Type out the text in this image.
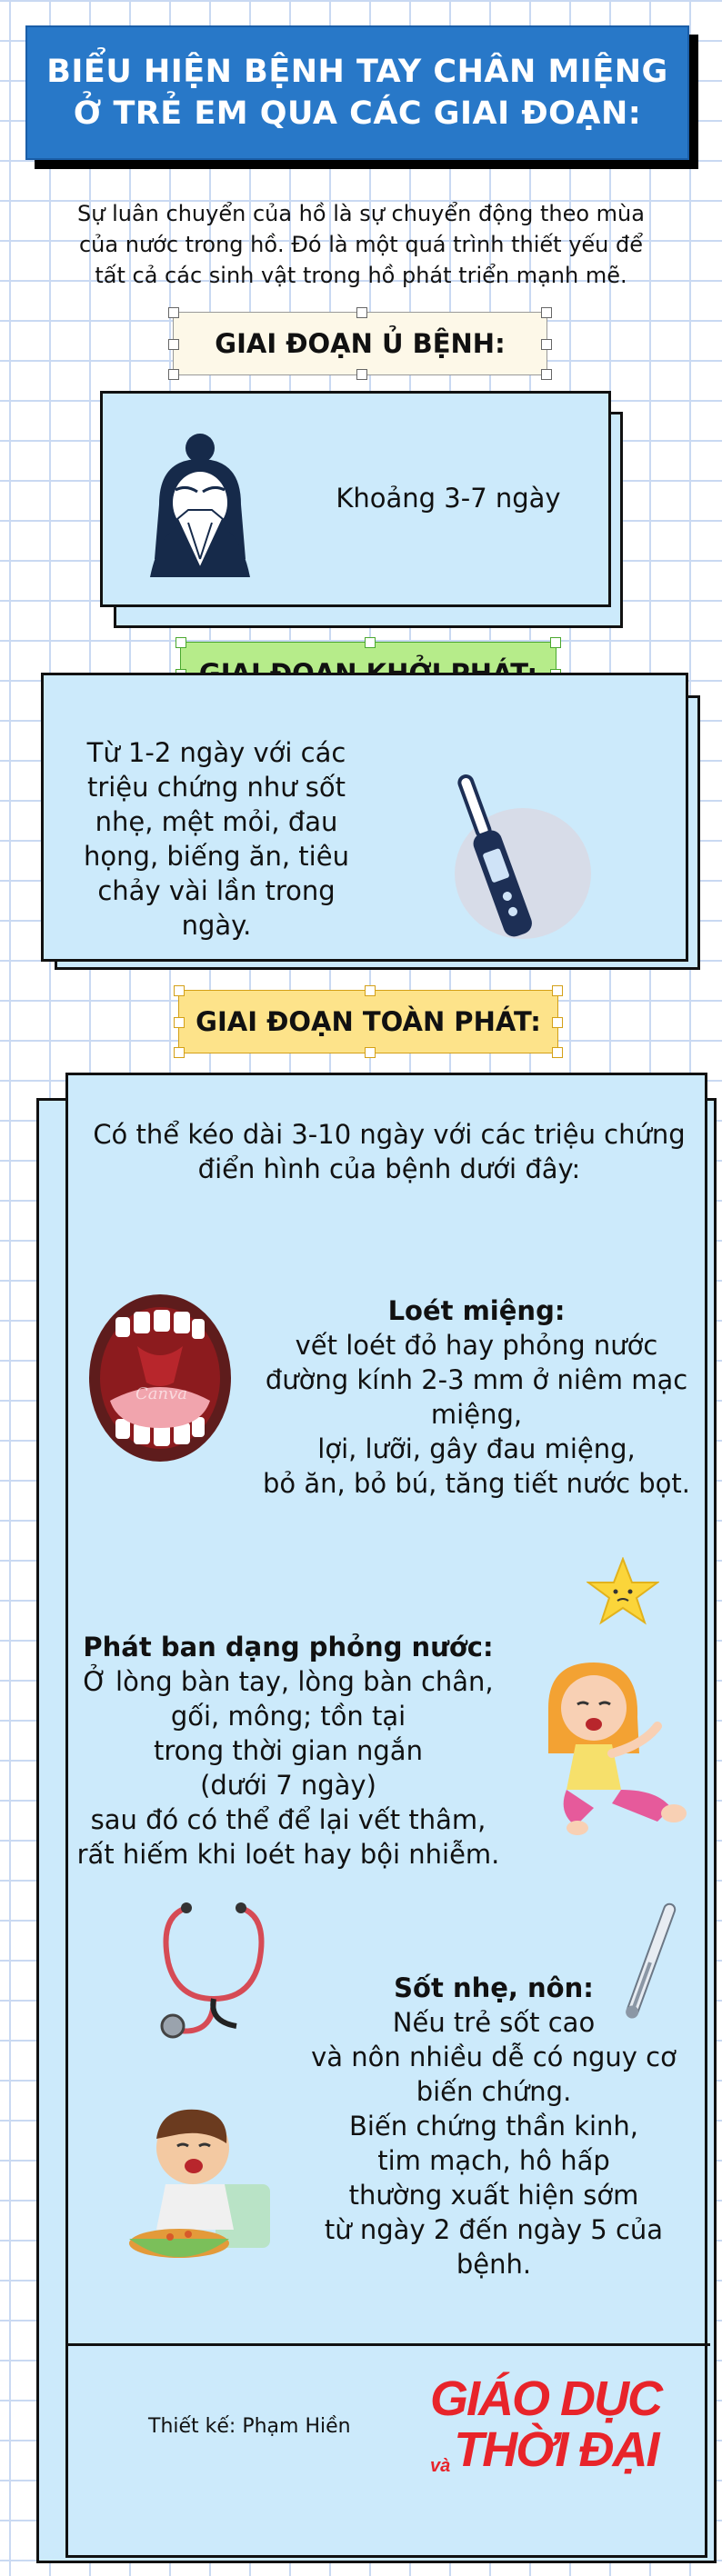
BIỂU HIỆN BỆNH TAY CHÂN MIỆNG
Ở TRẺ EM QUA CÁC GIAI ĐOẠN:
Sự luân chuyển của hồ là sự chuyển động theo mùa
của nước trong hồ. Đó là một quá trình thiết yếu để
tất cả các sinh vật trong hồ phát triển mạnh mẽ.
GIAI ĐOẠN Ủ BỆNH:
Khoảng 3-7 ngày
Từ 1-2 ngày với các
triệu chứng như sốt
nhẹ, mệt mỏi, đau
họng, biếng ăn, tiêu
chảy vài lần trong
ngày.
GIAI ĐOẠN TOÀN PHÁT:
Có thể kéo dài 3-10 ngày với các triệu chứng
điển hình của bệnh dưới đây:
Canva
Loét miệng:
vết loét đỏ hay phỏng nước
đường kính 2-3 mm ở niêm mạc
miệng,
lợi, lưỡi, gây đau miệng,
bỏ ăn, bỏ bú, tăng tiết nước bọt.
Phát ban dạng phỏng nước:
Ở lòng bàn tay, lòng bàn chân,
gối, mông; tồn tại
trong thời gian ngắn
(dưới 7 ngày)
sau đó có thể để lại vết thâm,
rất hiếm khi loét hay bội nhiễm.
Sốt nhẹ, nôn:
Nếu trẻ sốt cao
và nôn nhiều dễ có nguy cơ
biến chứng.
Biến chứng thần kinh,
tim mạch, hô hấp
thường xuất hiện sớm
từ ngày 2 đến ngày 5 của
bệnh.
Thiết kế: Phạm Hiền
GIÁO DỤC
và THỜI ĐẠI
